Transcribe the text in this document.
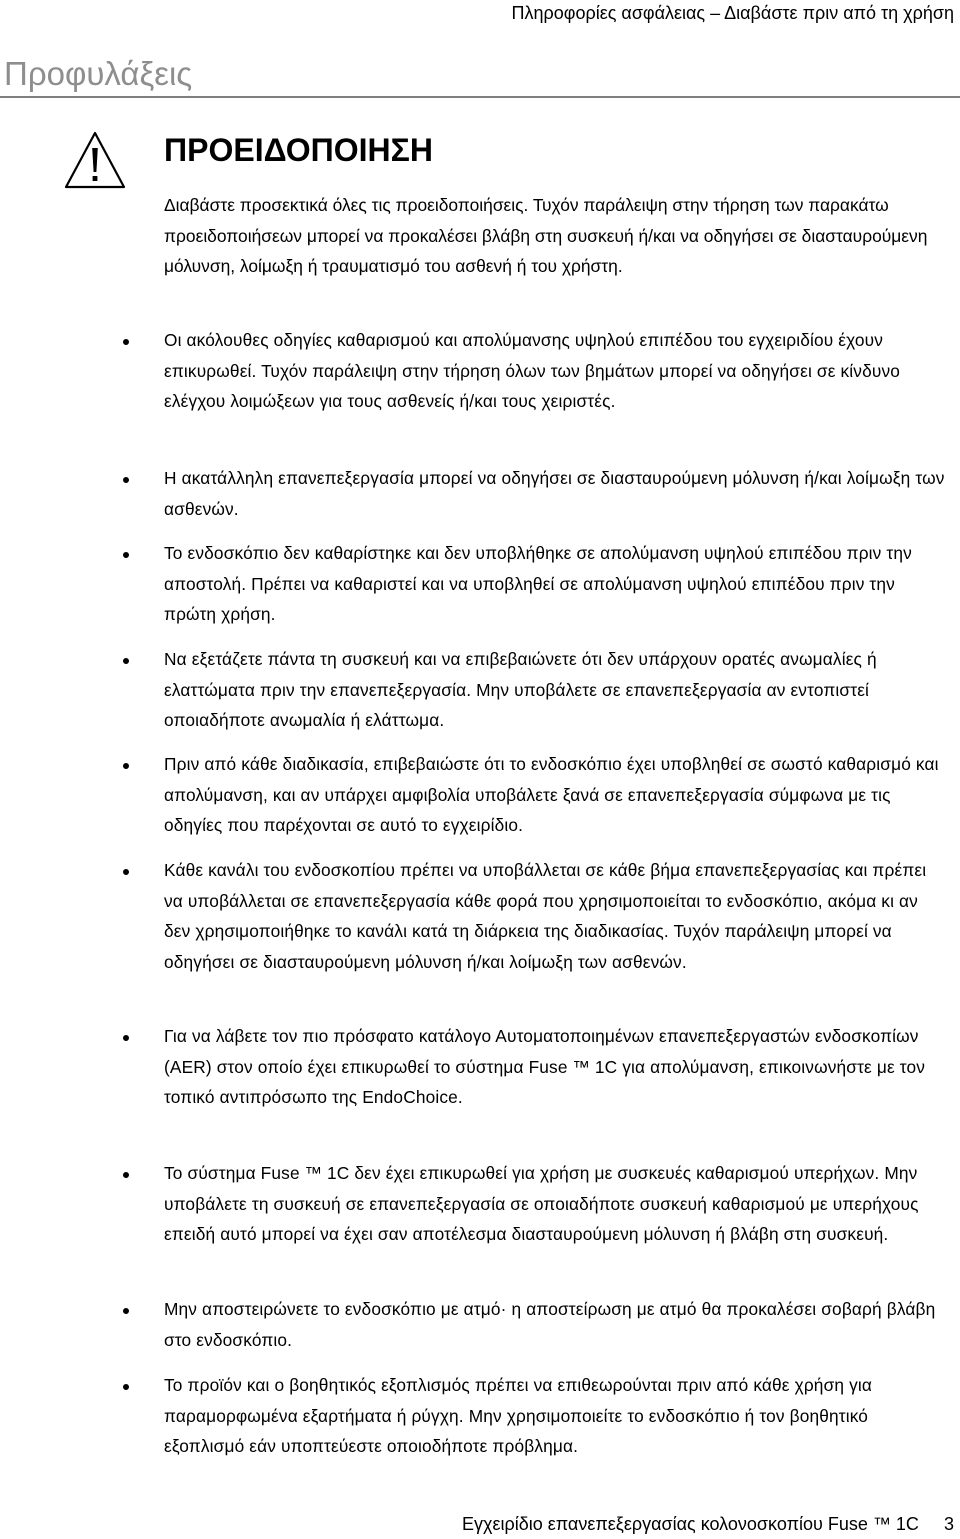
Πληροφορίες ασφάλειας – Διαβάστε πριν από τη χρήση
Προφυλάξεις
ΠΡΟΕΙΔΟΠΟΙΗΣΗ

Διαβάστε προσεκτικά όλες τις προειδοποιήσεις. Τυχόν παράλειψη στην τήρηση των παρακάτω προειδοποιήσεων μπορεί να προκαλέσει βλάβη στη συσκευή ή/και να οδηγήσει σε διασταυρούμενη μόλυνση, λοίμωξη ή τραυματισμό του ασθενή ή του χρήστη.

Οι ακόλουθες οδηγίες καθαρισμού και απολύμανσης υψηλού επιπέδου του εγχειριδίου έχουν επικυρωθεί. Τυχόν παράλειψη στην τήρηση όλων των βημάτων μπορεί να οδηγήσει σε κίνδυνο ελέγχου λοιμώξεων για τους ασθενείς ή/και τους χειριστές.

Η ακατάλληλη επανεπεξεργασία μπορεί να οδηγήσει σε διασταυρούμενη μόλυνση ή/και λοίμωξη των ασθενών.

Το ενδοσκόπιο δεν καθαρίστηκε και δεν υποβλήθηκε σε απολύμανση υψηλού επιπέδου πριν την αποστολή. Πρέπει να καθαριστεί και να υποβληθεί σε απολύμανση υψηλού επιπέδου πριν την πρώτη χρήση.

Να εξετάζετε πάντα τη συσκευή και να επιβεβαιώνετε ότι δεν υπάρχουν ορατές ανωμαλίες ή ελαττώματα πριν την επανεπεξεργασία. Μην υποβάλετε σε επανεπεξεργασία αν εντοπιστεί οποιαδήποτε ανωμαλία ή ελάττωμα.

Πριν από κάθε διαδικασία, επιβεβαιώστε ότι το ενδοσκόπιο έχει υποβληθεί σε σωστό καθαρισμό και απολύμανση, και αν υπάρχει αμφιβολία υποβάλετε ξανά σε επανεπεξεργασία σύμφωνα με τις οδηγίες που παρέχονται σε αυτό το εγχειρίδιο.

Κάθε κανάλι του ενδοσκοπίου πρέπει να υποβάλλεται σε κάθε βήμα επανεπεξεργασίας και πρέπει να υποβάλλεται σε επανεπεξεργασία κάθε φορά που χρησιμοποιείται το ενδοσκόπιο, ακόμα κι αν δεν χρησιμοποιήθηκε το κανάλι κατά τη διάρκεια της διαδικασίας. Τυχόν παράλειψη μπορεί να οδηγήσει σε διασταυρούμενη μόλυνση ή/και λοίμωξη των ασθενών.

Για να λάβετε τον πιο πρόσφατο κατάλογο Αυτοματοποιημένων επανεπεξεργαστών ενδοσκοπίων (AER) στον οποίο έχει επικυρωθεί το σύστημα Fuse ™ 1C για απολύμανση, επικοινωνήστε με τον τοπικό αντιπρόσωπο της EndoChoice.

Το σύστημα Fuse ™ 1C δεν έχει επικυρωθεί για χρήση με συσκευές καθαρισμού υπερήχων. Μην υποβάλετε τη συσκευή σε επανεπεξεργασία σε οποιαδήποτε συσκευή καθαρισμού με υπερήχους επειδή αυτό μπορεί να έχει σαν αποτέλεσμα διασταυρούμενη μόλυνση ή βλάβη στη συσκευή.

Μην αποστειρώνετε το ενδοσκόπιο με ατμό· η αποστείρωση με ατμό θα προκαλέσει σοβαρή βλάβη στο ενδοσκόπιο.

Το προϊόν και ο βοηθητικός εξοπλισμός πρέπει να επιθεωρούνται πριν από κάθε χρήση για παραμορφωμένα εξαρτήματα ή ρύγχη. Μην χρησιμοποιείτε το ενδοσκόπιο ή τον βοηθητικό εξοπλισμό εάν υποπτεύεστε οποιοδήποτε πρόβλημα.

Εγχειρίδιο επανεπεξεργασίας κολονοσκοπίου Fuse ™ 1C 3
